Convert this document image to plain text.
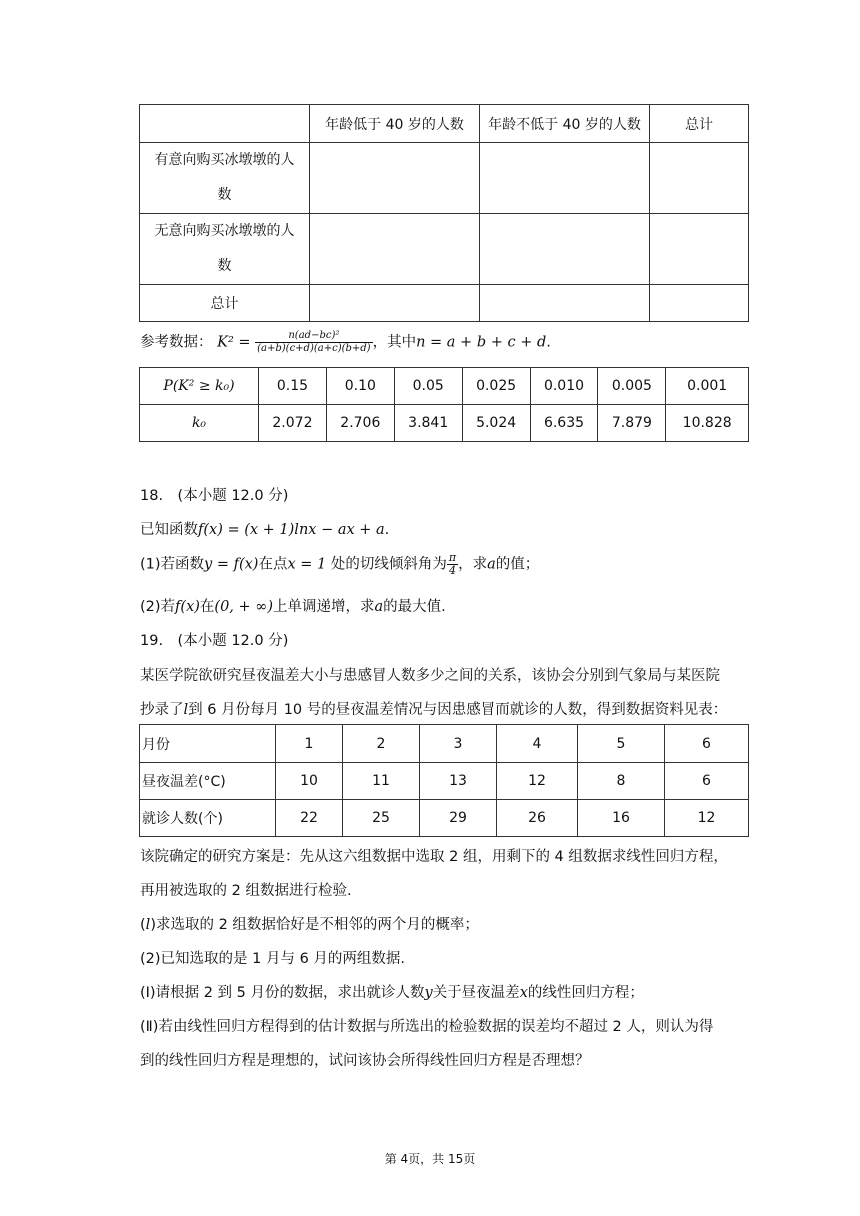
	年龄低于 40 岁的人数	年龄不低于 40 岁的人数	总计

有意向购买冰墩墩的人数			

无意向购买冰墩墩的人数			

总计			
参考数据： $K^2 = \frac{\text{n(ad−bc)²}}{(a+b)(c+d)(a+c)(b+d)}$ ，其中n = a + b + c + d.
P(K² ≥ k₀)	0.15	0.10	0.05	0.025	0.010	0.005	0.001
k₀	2.072	2.706	3.841	5.024	6.635	7.879	10.828
18.　(本小题 12.0 分)
已知函数f(x) = (x + 1)lnx − ax + a.
(1)若函数y = f(x)在点x = 1 处的切线倾斜角为 $\frac{\pi}{4}$ ，求a的值；
(2)若f(x)在(0, + ∞)上单调递增，求a的最大值.
19.　(本小题 12.0 分)
某医学院欲研究昼夜温差大小与患感冒人数多少之间的关系，该协会分别到气象局与某医院
抄录了l到 6 月份每月 10 号的昼夜温差情况与因患感冒而就诊的人数，得到数据资料见表：
月份	1	2	3	4	5	6
昼夜温差(°C)	10	11	13	12	8	6
就诊人数(个)	22	25	29	26	16	12
该院确定的研究方案是：先从这六组数据中选取 2 组，用剩下的 4 组数据求线性回归方程，
再用被选取的 2 组数据进行检验.
(l)求选取的 2 组数据恰好是不相邻的两个月的概率；
(2)已知选取的是 1 月与 6 月的两组数据.
(Ⅰ)请根据 2 到 5 月份的数据，求出就诊人数y关于昼夜温差x的线性回归方程；
(Ⅱ)若由线性回归方程得到的估计数据与所选出的检验数据的误差均不超过 2 人，则认为得
到的线性回归方程是理想的，试问该协会所得线性回归方程是否理想？
第 4页，共 15页
